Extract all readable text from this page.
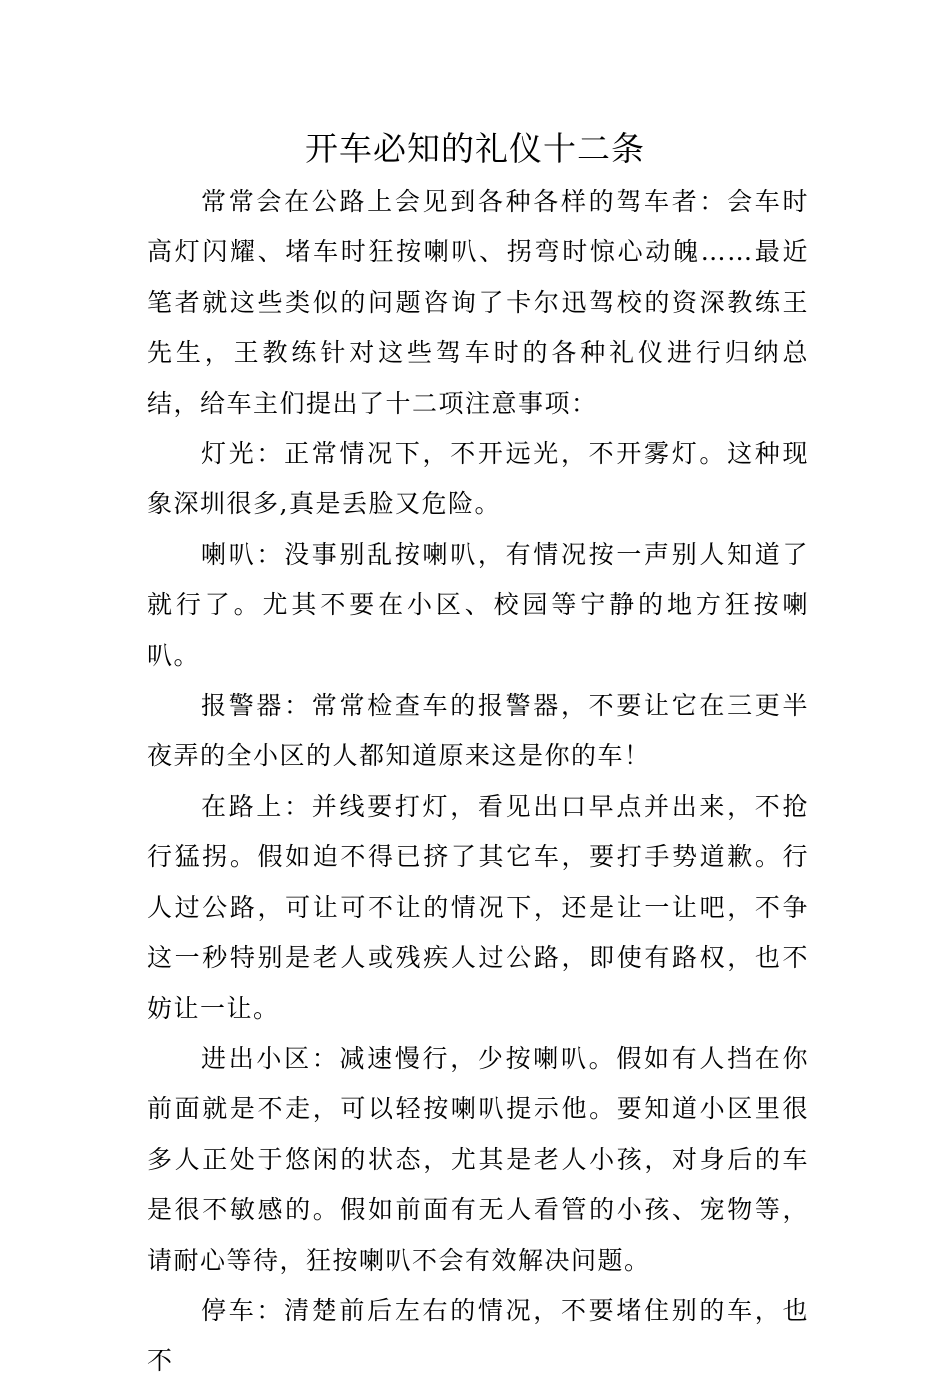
开车必知的礼仪十二条

常常会在公路上会见到各种各样的驾车者：会车时高灯闪耀、堵车时狂按喇叭、拐弯时惊心动魄……最近笔者就这些类似的问题咨询了卡尔迅驾校的资深教练王先生，王教练针对这些驾车时的各种礼仪进行归纳总结，给车主们提出了十二项注意事项：

灯光：正常情况下，不开远光，不开雾灯。这种现象深圳很多,真是丢脸又危险。

喇叭：没事别乱按喇叭，有情况按一声别人知道了就行了。尤其不要在小区、校园等宁静的地方狂按喇叭。

报警器：常常检查车的报警器，不要让它在三更半夜弄的全小区的人都知道原来这是你的车！

在路上：并线要打灯，看见出口早点并出来，不抢行猛拐。假如迫不得已挤了其它车，要打手势道歉。行人过公路，可让可不让的情况下，还是让一让吧，不争这一秒特别是老人或残疾人过公路，即使有路权，也不妨让一让。

进出小区：减速慢行，少按喇叭。假如有人挡在你前面就是不走，可以轻按喇叭提示他。要知道小区里很多人正处于悠闲的状态，尤其是老人小孩，对身后的车是很不敏感的。假如前面有无人看管的小孩、宠物等，请耐心等待，狂按喇叭不会有效解决问题。

停车：清楚前后左右的情况，不要堵住别的车，也不
